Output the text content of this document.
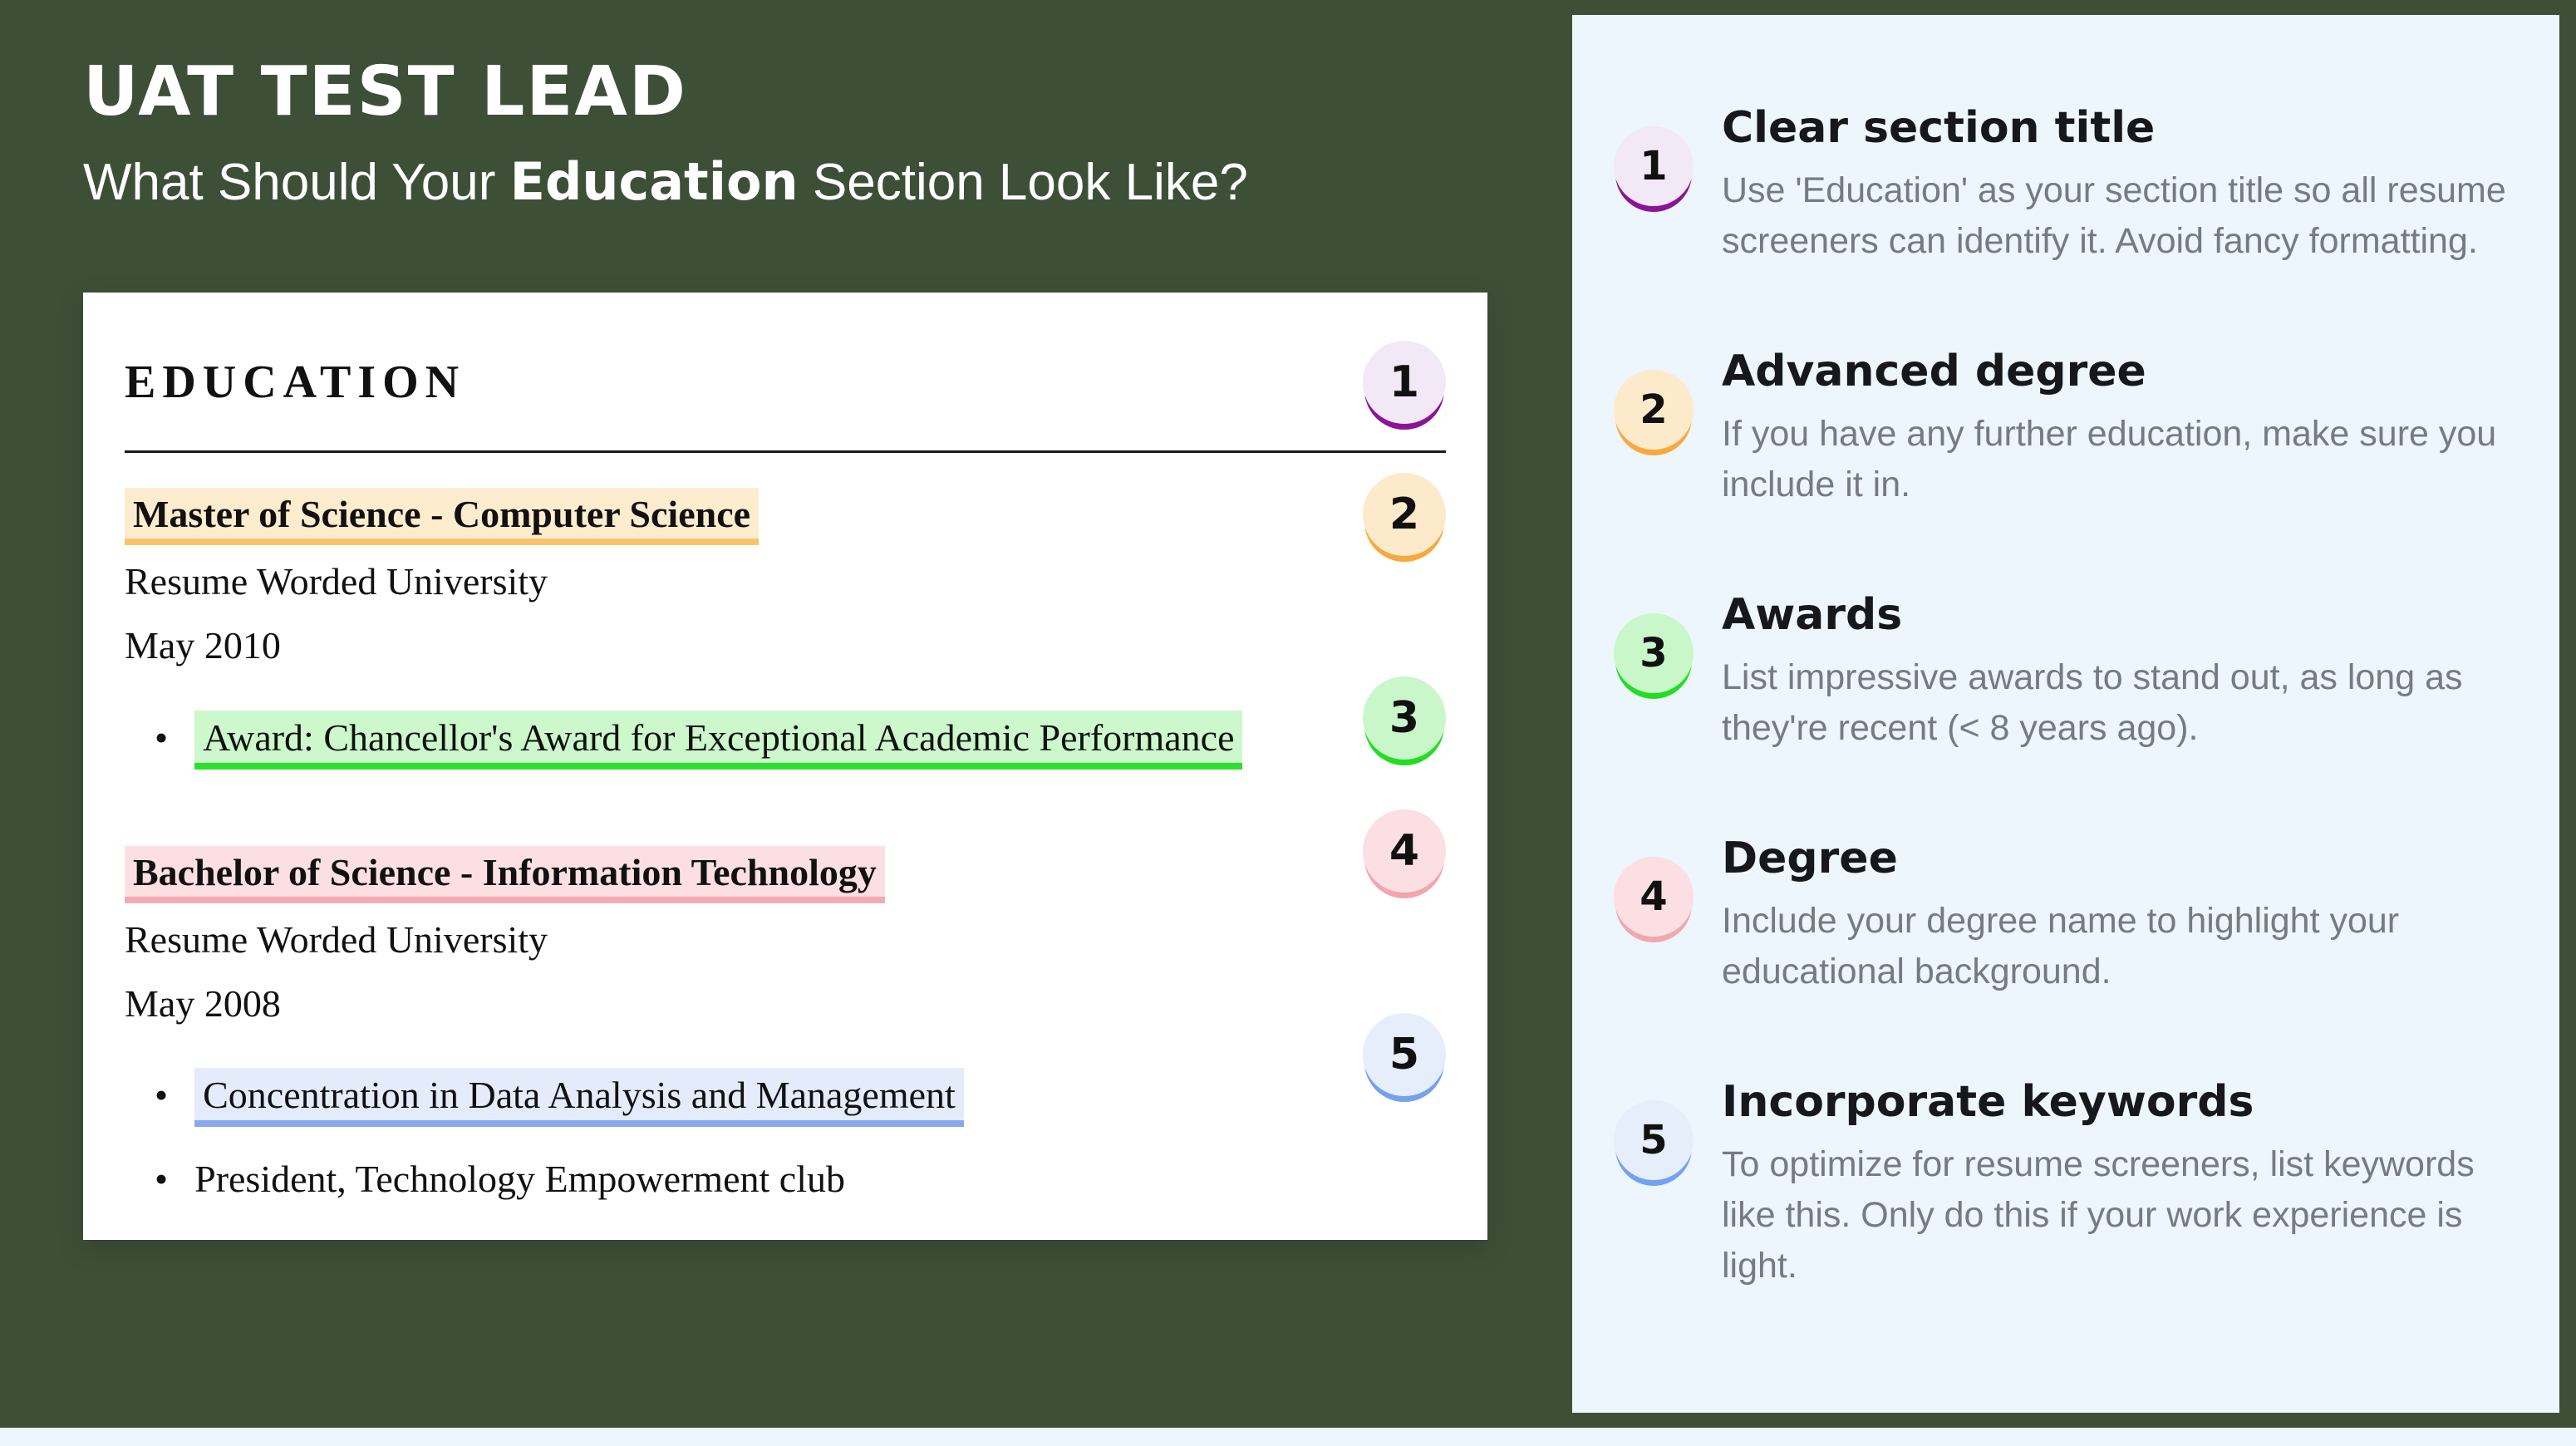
UAT TEST LEAD
What Should Your Education Section Look Like?
EDUCATION
Master of Science - Computer Science
Resume Worded University
May 2010
• Award: Chancellor's Award for Exceptional Academic Performance
Bachelor of Science - Information Technology
Resume Worded University
May 2008
• Concentration in Data Analysis and Management
• President, Technology Empowerment club
1
2
3
4
5
1
Clear section title

Use 'Education' as your section title so all resume screeners can identify it. Avoid fancy formatting.

2
Advanced degree

If you have any further education, make sure you include it in.

3
Awards

List impressive awards to stand out, as long as they're recent (< 8 years ago).

4
Degree

Include your degree name to highlight your educational background.

5
Incorporate keywords

To optimize for resume screeners, list keywords like this. Only do this if your work experience is light.
